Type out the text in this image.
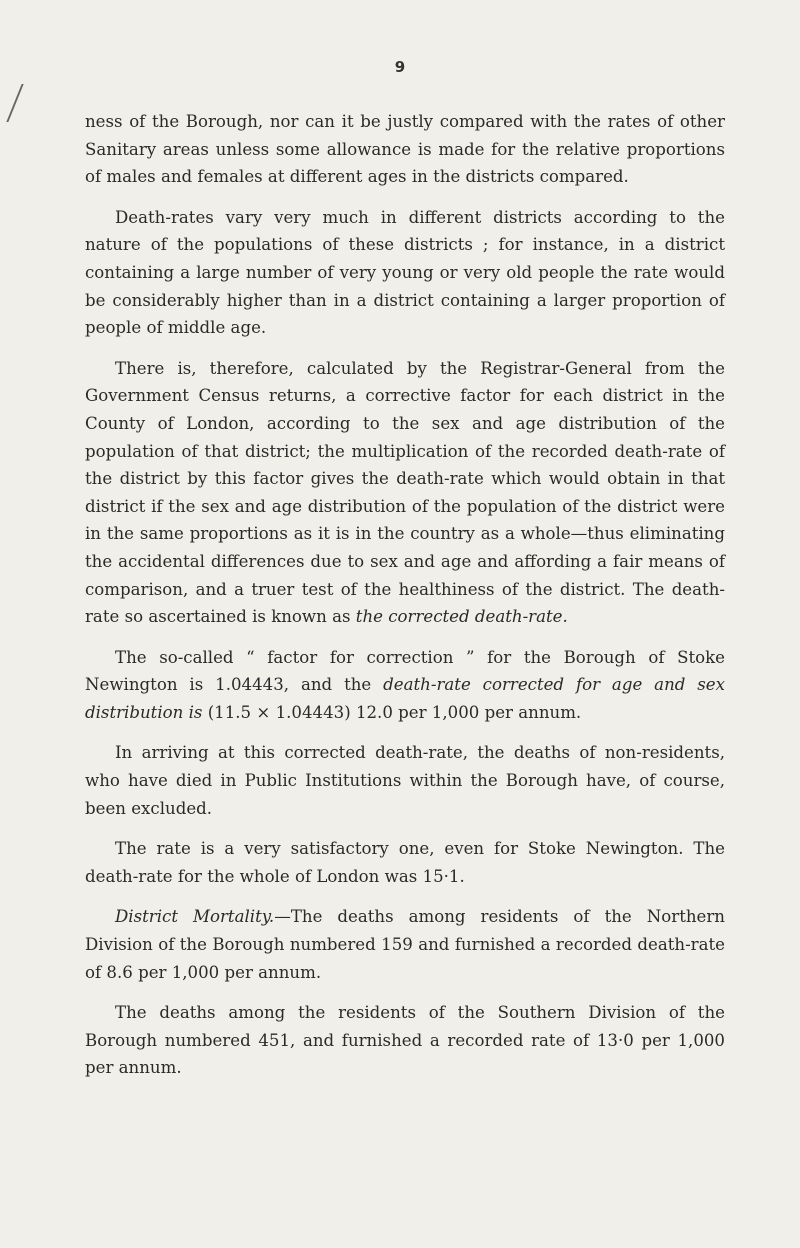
9

ness of the Borough, nor can it be justly compared with the rates of other Sanitary areas unless some allowance is made for the relative proportions of males and females at different ages in the districts compared.

Death-rates vary very much in different districts according to the nature of the populations of these districts ; for instance, in a district containing a large number of very young or very old people the rate would be considerably higher than in a district containing a larger proportion of people of middle age.

There is, therefore, calculated by the Registrar-General from the Government Census returns, a corrective factor for each district in the County of London, according to the sex and age distribution of the population of that district; the multiplication of the recorded death-rate of the district by this factor gives the death-rate which would obtain in that district if the sex and age distribution of the population of the district were in the same proportions as it is in the country as a whole—thus eliminating the accidental differences due to sex and age and affording a fair means of comparison, and a truer test of the healthiness of the district. The death-rate so ascertained is known as the corrected death-rate.

The so-called “ factor for correction ” for the Borough of Stoke Newington is 1.04443, and the death-rate corrected for age and sex distribution is (11.5 × 1.04443) 12.0 per 1,000 per annum.

In arriving at this corrected death-rate, the deaths of non-residents, who have died in Public Institutions within the Borough have, of course, been excluded.

The rate is a very satisfactory one, even for Stoke Newington. The death-rate for the whole of London was 15·1.

District Mortality.—The deaths among residents of the Northern Division of the Borough numbered 159 and furnished a recorded death-rate of 8.6 per 1,000 per annum.

The deaths among the residents of the Southern Division of the Borough numbered 451, and furnished a recorded rate of 13·0 per 1,000 per annum.
